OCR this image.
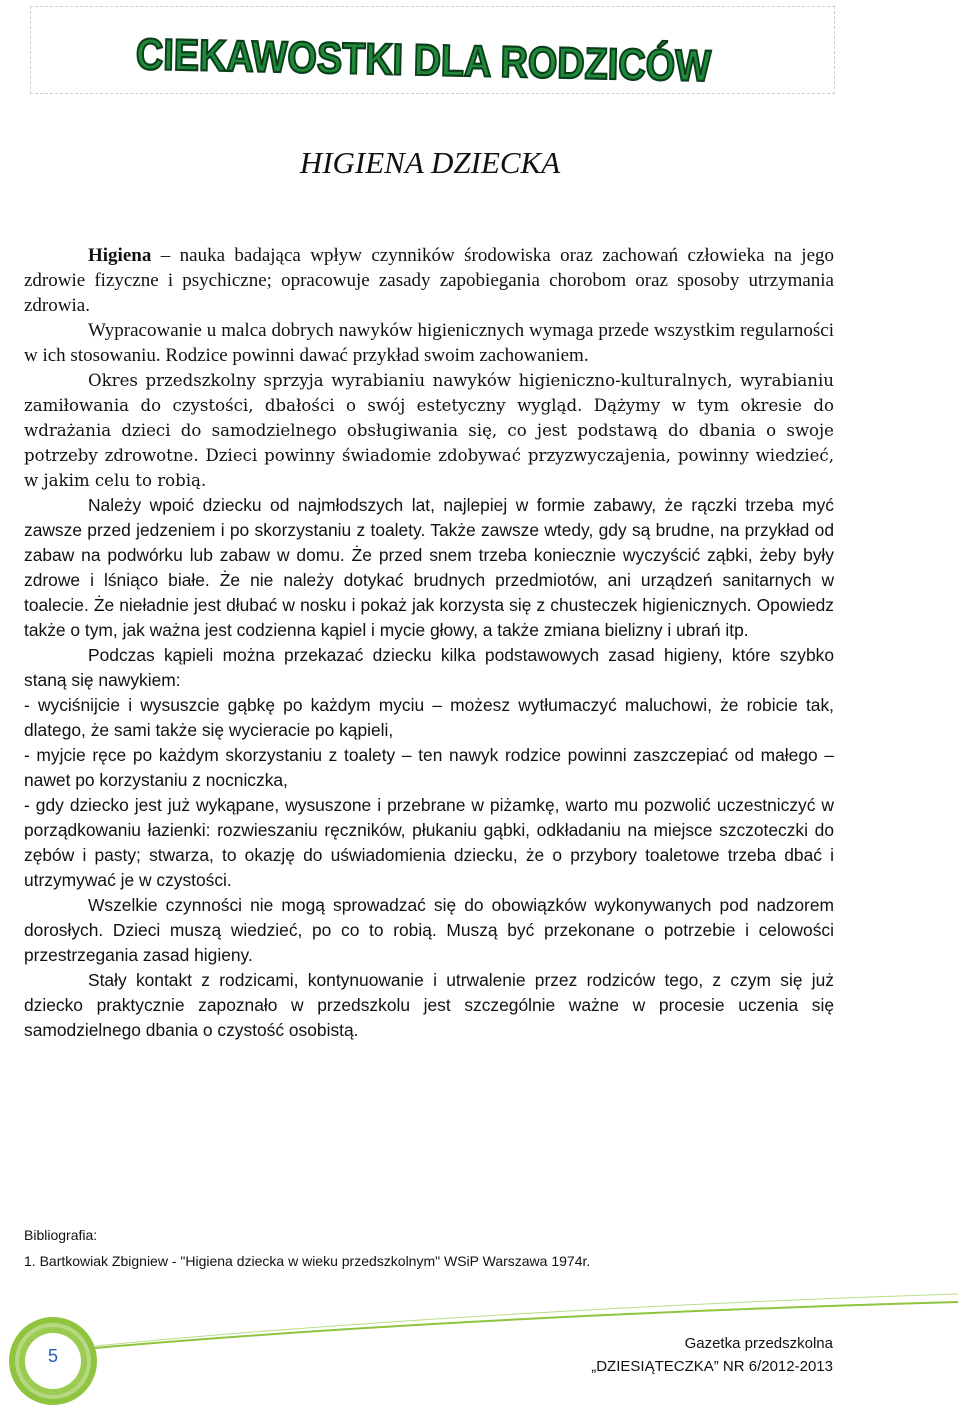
CIEKAWOSTKI DLA RODZICÓW
HIGIENA DZIECKA

Higiena – nauka badająca wpływ czynników środowiska oraz zachowań człowieka na jego zdrowie fizyczne i psychiczne; opracowuje zasady zapobiegania chorobom oraz sposoby utrzymania zdrowia.

Wypracowanie u malca dobrych nawyków higienicznych wymaga przede wszystkim regularności w ich stosowaniu. Rodzice powinni dawać przykład swoim zachowaniem.

Okres przedszkolny sprzyja wyrabianiu nawyków higieniczno-kulturalnych, wyrabianiu zamiłowania do czystości, dbałości o swój estetyczny wygląd. Dążymy w tym okresie do wdrażania dzieci do samodzielnego obsługiwania się, co jest podstawą do dbania o swoje potrzeby zdrowotne. Dzieci powinny świadomie zdobywać przyzwyczajenia, powinny wiedzieć, w jakim celu to robią.

Należy wpoić dziecku od najmłodszych lat, najlepiej w formie zabawy, że rączki trzeba myć zawsze przed jedzeniem i po skorzystaniu z toalety. Także zawsze wtedy, gdy są brudne, na przykład od zabaw na podwórku lub zabaw w domu. Że przed snem trzeba koniecznie wyczyścić ząbki, żeby były zdrowe i lśniąco białe. Że nie należy dotykać brudnych przedmiotów, ani urządzeń sanitarnych w toalecie. Że nieładnie jest dłubać w nosku i pokaż jak korzysta się z chusteczek higienicznych. Opowiedz także o tym, jak ważna jest codzienna kąpiel i mycie głowy, a także zmiana bielizny i ubrań itp.

Podczas kąpieli można przekazać dziecku kilka podstawowych zasad higieny, które szybko staną się nawykiem:

- wyciśnijcie i wysuszcie gąbkę po każdym myciu – możesz wytłumaczyć maluchowi, że robicie tak, dlatego, że sami także się wycieracie po kąpieli,

- myjcie ręce po każdym skorzystaniu z toalety – ten nawyk rodzice powinni zaszczepiać od małego – nawet po korzystaniu z nocniczka,

- gdy dziecko jest już wykąpane, wysuszone i przebrane w piżamkę, warto mu pozwolić uczestniczyć w porządkowaniu łazienki: rozwieszaniu ręczników, płukaniu gąbki, odkładaniu na miejsce szczoteczki do zębów i pasty; stwarza, to okazję do uświadomienia dziecku, że o przybory toaletowe trzeba dbać i utrzymywać je w czystości.

Wszelkie czynności nie mogą sprowadzać się do obowiązków wykonywanych pod nadzorem dorosłych. Dzieci muszą wiedzieć, po co to robią. Muszą być przekonane o potrzebie i celowości przestrzegania zasad higieny.

Stały kontakt z rodzicami, kontynuowanie i utrwalenie przez rodziców tego, z czym się już dziecko praktycznie zapoznało w przedszkolu jest szczególnie ważne w procesie uczenia się samodzielnego dbania o czystość osobistą.

Bibliografia:
1. Bartkowiak Zbigniew - "Higiena dziecka w wieku przedszkolnym" WSiP Warszawa 1974r.
5
Gazetka przedszkolna
„DZIESIĄTECZKA” NR 6/2012-2013
